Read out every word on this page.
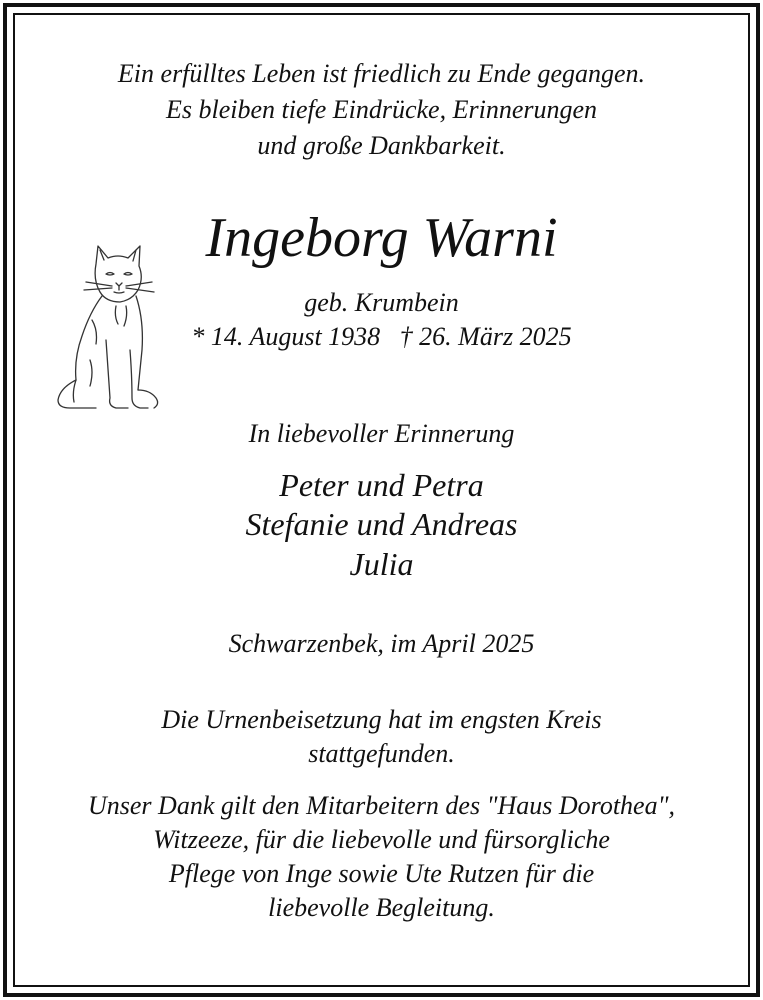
Ein erfülltes Leben ist friedlich zu Ende gegangen.
Es bleiben tiefe Eindrücke, Erinnerungen
und große Dankbarkeit.
Ingeborg Warni
geb. Krumbein
* 14. August 1938   † 26. März 2025
In liebevoller Erinnerung
Peter und Petra
Stefanie und Andreas
Julia
Schwarzenbek, im April 2025
Die Urnenbeisetzung hat im engsten Kreis
stattgefunden.
Unser Dank gilt den Mitarbeitern des "Haus Dorothea",
Witzeeze, für die liebevolle und fürsorgliche
Pflege von Inge sowie Ute Rutzen für die
liebevolle Begleitung.
